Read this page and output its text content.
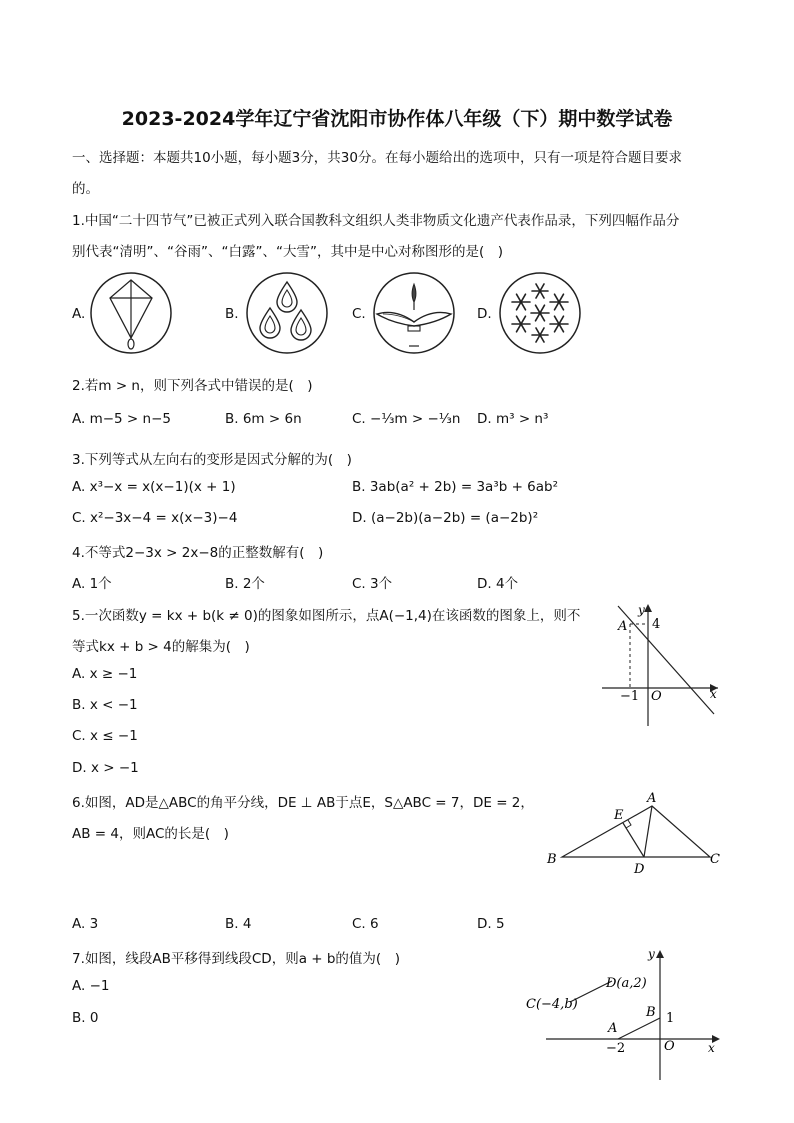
2023-2024学年辽宁省沈阳市协作体八年级（下）期中数学试卷
一、选择题：本题共10小题，每小题3分，共30分。在每小题给出的选项中，只有一项是符合题目要求
的。
1.中国“二十四节气”已被正式列入联合国教科文组织人类非物质文化遗产代表作品录，下列四幅作品分
别代表“清明”、“谷雨”、“白露”、“大雪”，其中是中心对称图形的是(　)
A.	B.	C.	D.
2.若m > n，则下列各式中错误的是(　)
A. m−5 > n−5	B. 6m > 6n	C. −⅓m > −⅓n D. m³ > n³
3.下列等式从左向右的变形是因式分解的为(　)
A. x³−x = x(x−1)(x + 1)	B. 3ab(a² + 2b) = 3a³b + 6ab²
C. x²−3x−4 = x(x−3)−4	D. (a−2b)(a−2b) = (a−2b)²
4.不等式2−3x > 2x−8的正整数解有(　)
A. 1个	B. 2个	C. 3个	D. 4个
5.一次函数y = kx + b(k ≠ 0)的图象如图所示，点A(−1,4)在该函数的图象上，则不
等式kx + b > 4的解集为(　)
A. x ≥ −1
B. x < −1
C. x ≤ −1
D. x > −1
A
y
4
−1 O	x
6.如图，AD是△ABC的角平分线，DE ⊥ AB于点E，S△ABC = 7，DE = 2，
AB = 4，则AC的长是(　)
E
A
B
D
C
A. 3	B. 4	C. 6	D. 5
7.如图，线段AB平移得到线段CD，则a + b的值为(　)
A. −1
B. 0
y
D(a,2)
C(−4,b)
B 1
A
−2	O	x
